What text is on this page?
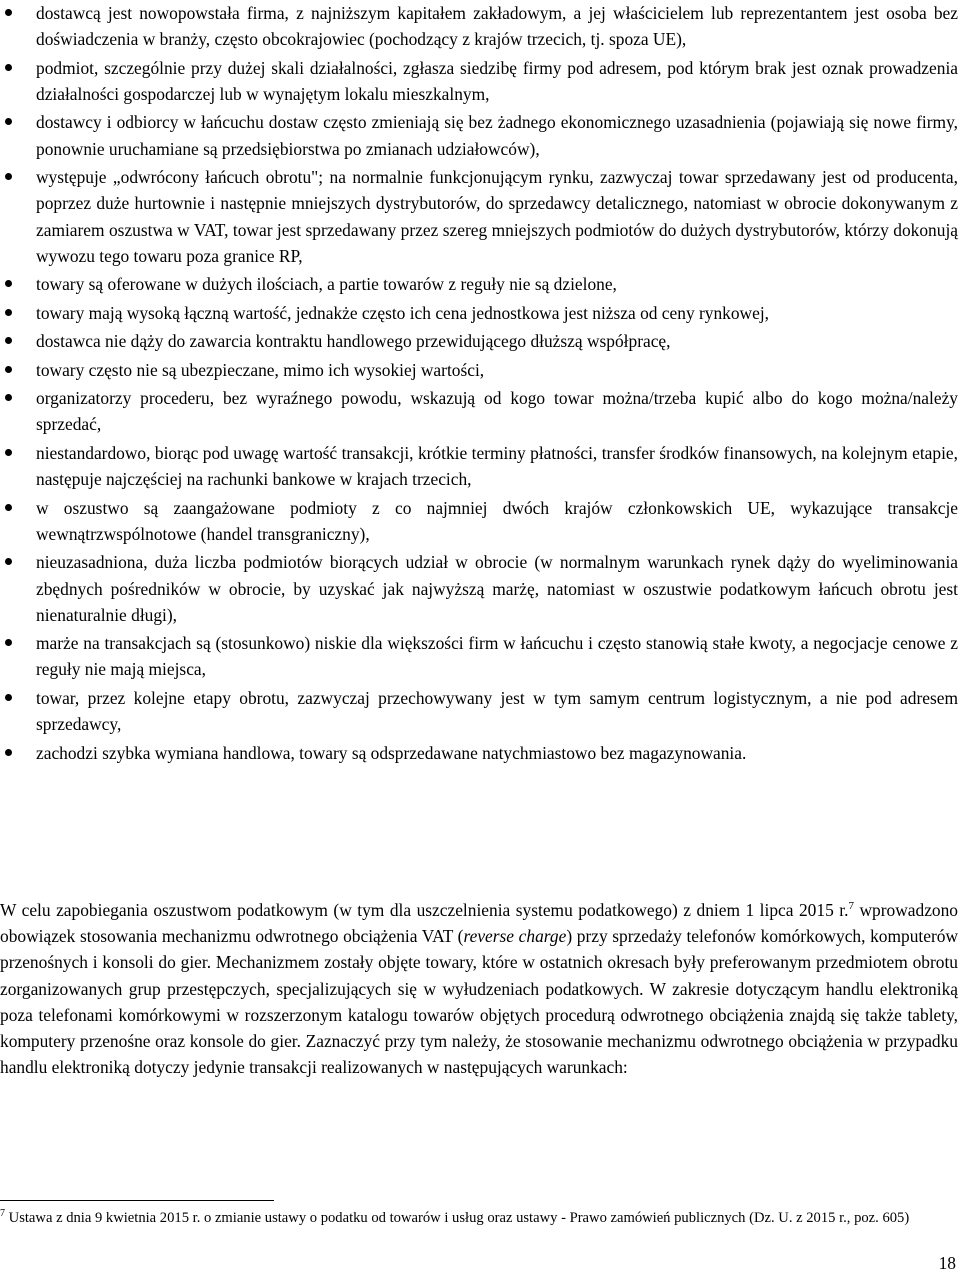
dostawcą jest nowopowstała firma, z najniższym kapitałem zakładowym, a jej właścicielem lub reprezentantem jest osoba bez doświadczenia w branży, często obcokrajowiec (pochodzący z krajów trzecich, tj. spoza UE),
podmiot, szczególnie przy dużej skali działalności, zgłasza siedzibę firmy pod adresem, pod którym brak jest oznak prowadzenia działalności gospodarczej lub w wynajętym lokalu mieszkalnym,
dostawcy i odbiorcy w łańcuchu dostaw często zmieniają się bez żadnego ekonomicznego uzasadnienia (pojawiają się nowe firmy, ponownie uruchamiane są przedsiębiorstwa po zmianach udziałowców),
występuje „odwrócony łańcuch obrotu"; na normalnie funkcjonującym rynku, zazwyczaj towar sprzedawany jest od producenta, poprzez duże hurtownie i następnie mniejszych dystrybutorów, do sprzedawcy detalicznego, natomiast w obrocie dokonywanym z zamiarem oszustwa w VAT, towar jest sprzedawany przez szereg mniejszych podmiotów do dużych dystrybutorów, którzy dokonują wywozu tego towaru poza granice RP,
towary są oferowane w dużych ilościach, a partie towarów z reguły nie są dzielone,
towary mają wysoką łączną wartość, jednakże często ich cena jednostkowa jest niższa od ceny rynkowej,
dostawca nie dąży do zawarcia kontraktu handlowego przewidującego dłuższą współpracę,
towary często nie są ubezpieczane, mimo ich wysokiej wartości,
organizatorzy procederu, bez wyraźnego powodu, wskazują od kogo towar można/trzeba kupić albo do kogo można/należy sprzedać,
niestandardowo, biorąc pod uwagę wartość transakcji, krótkie terminy płatności, transfer środków finansowych, na kolejnym etapie, następuje najczęściej na rachunki bankowe w krajach trzecich,
w oszustwo są zaangażowane podmioty z co najmniej dwóch krajów członkowskich UE, wykazujące transakcje wewnątrzwspólnotowe (handel transgraniczny),
nieuzasadniona, duża liczba podmiotów biorących udział w obrocie (w normalnym warunkach rynek dąży do wyeliminowania zbędnych pośredników w obrocie, by uzyskać jak najwyższą marżę, natomiast w oszustwie podatkowym łańcuch obrotu jest nienaturalnie długi),
marże na transakcjach są (stosunkowo) niskie dla większości firm w łańcuchu i często stanowią stałe kwoty, a negocjacje cenowe z reguły nie mają miejsca,
towar, przez kolejne etapy obrotu, zazwyczaj przechowywany jest w tym samym centrum logistycznym, a nie pod adresem sprzedawcy,
zachodzi szybka wymiana handlowa, towary są odsprzedawane natychmiastowo bez magazynowania.

W celu zapobiegania oszustwom podatkowym (w tym dla uszczelnienia systemu podatkowego) z dniem 1 lipca 2015 r.$^7$ wprowadzono obowiązek stosowania mechanizmu odwrotnego obciążenia VAT (reverse charge) przy sprzedaży telefonów komórkowych, komputerów przenośnych i konsoli do gier. Mechanizmem zostały objęte towary, które w ostatnich okresach były preferowanym przedmiotem obrotu zorganizowanych grup przestępczych, specjalizujących się w wyłudzeniach podatkowych. W zakresie dotyczącym handlu elektroniką poza telefonami komórkowymi w rozszerzonym katalogu towarów objętych procedurą odwrotnego obciążenia znajdą się także tablety, komputery przenośne oraz konsole do gier. Zaznaczyć przy tym należy, że stosowanie mechanizmu odwrotnego obciążenia w przypadku handlu elektroniką dotyczy jedynie transakcji realizowanych w następujących warunkach:

$^7$ Ustawa z dnia 9 kwietnia 2015 r. o zmianie ustawy o podatku od towarów i usług oraz ustawy - Prawo zamówień publicznych (Dz. U. z 2015 r., poz. 605)

18
